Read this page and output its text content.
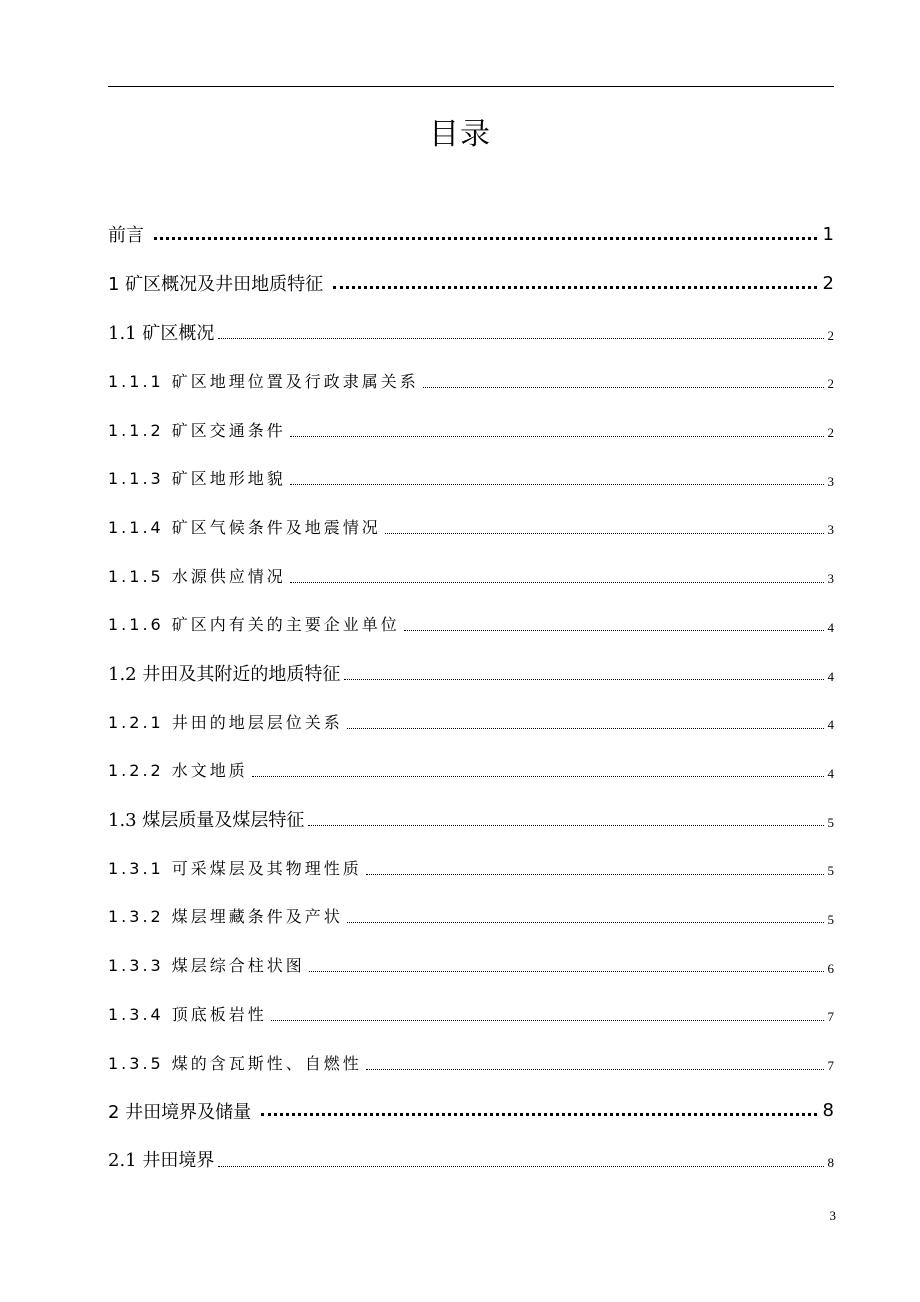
目录
前言	1
1 矿区概况及井田地质特征	2
1.1 矿区概况	2
1.1.1 矿区地理位置及行政隶属关系	2
1.1.2 矿区交通条件	2
1.1.3 矿区地形地貌	3
1.1.4 矿区气候条件及地震情况	3
1.1.5 水源供应情况	3
1.1.6 矿区内有关的主要企业单位	4
1.2 井田及其附近的地质特征	4
1.2.1 井田的地层层位关系	4
1.2.2 水文地质	4
1.3 煤层质量及煤层特征	5
1.3.1 可采煤层及其物理性质	5
1.3.2 煤层埋藏条件及产状	5
1.3.3 煤层综合柱状图	6
1.3.4 顶底板岩性	7
1.3.5 煤的含瓦斯性、自燃性	7
2 井田境界及储量	8
2.1 井田境界	8
3
